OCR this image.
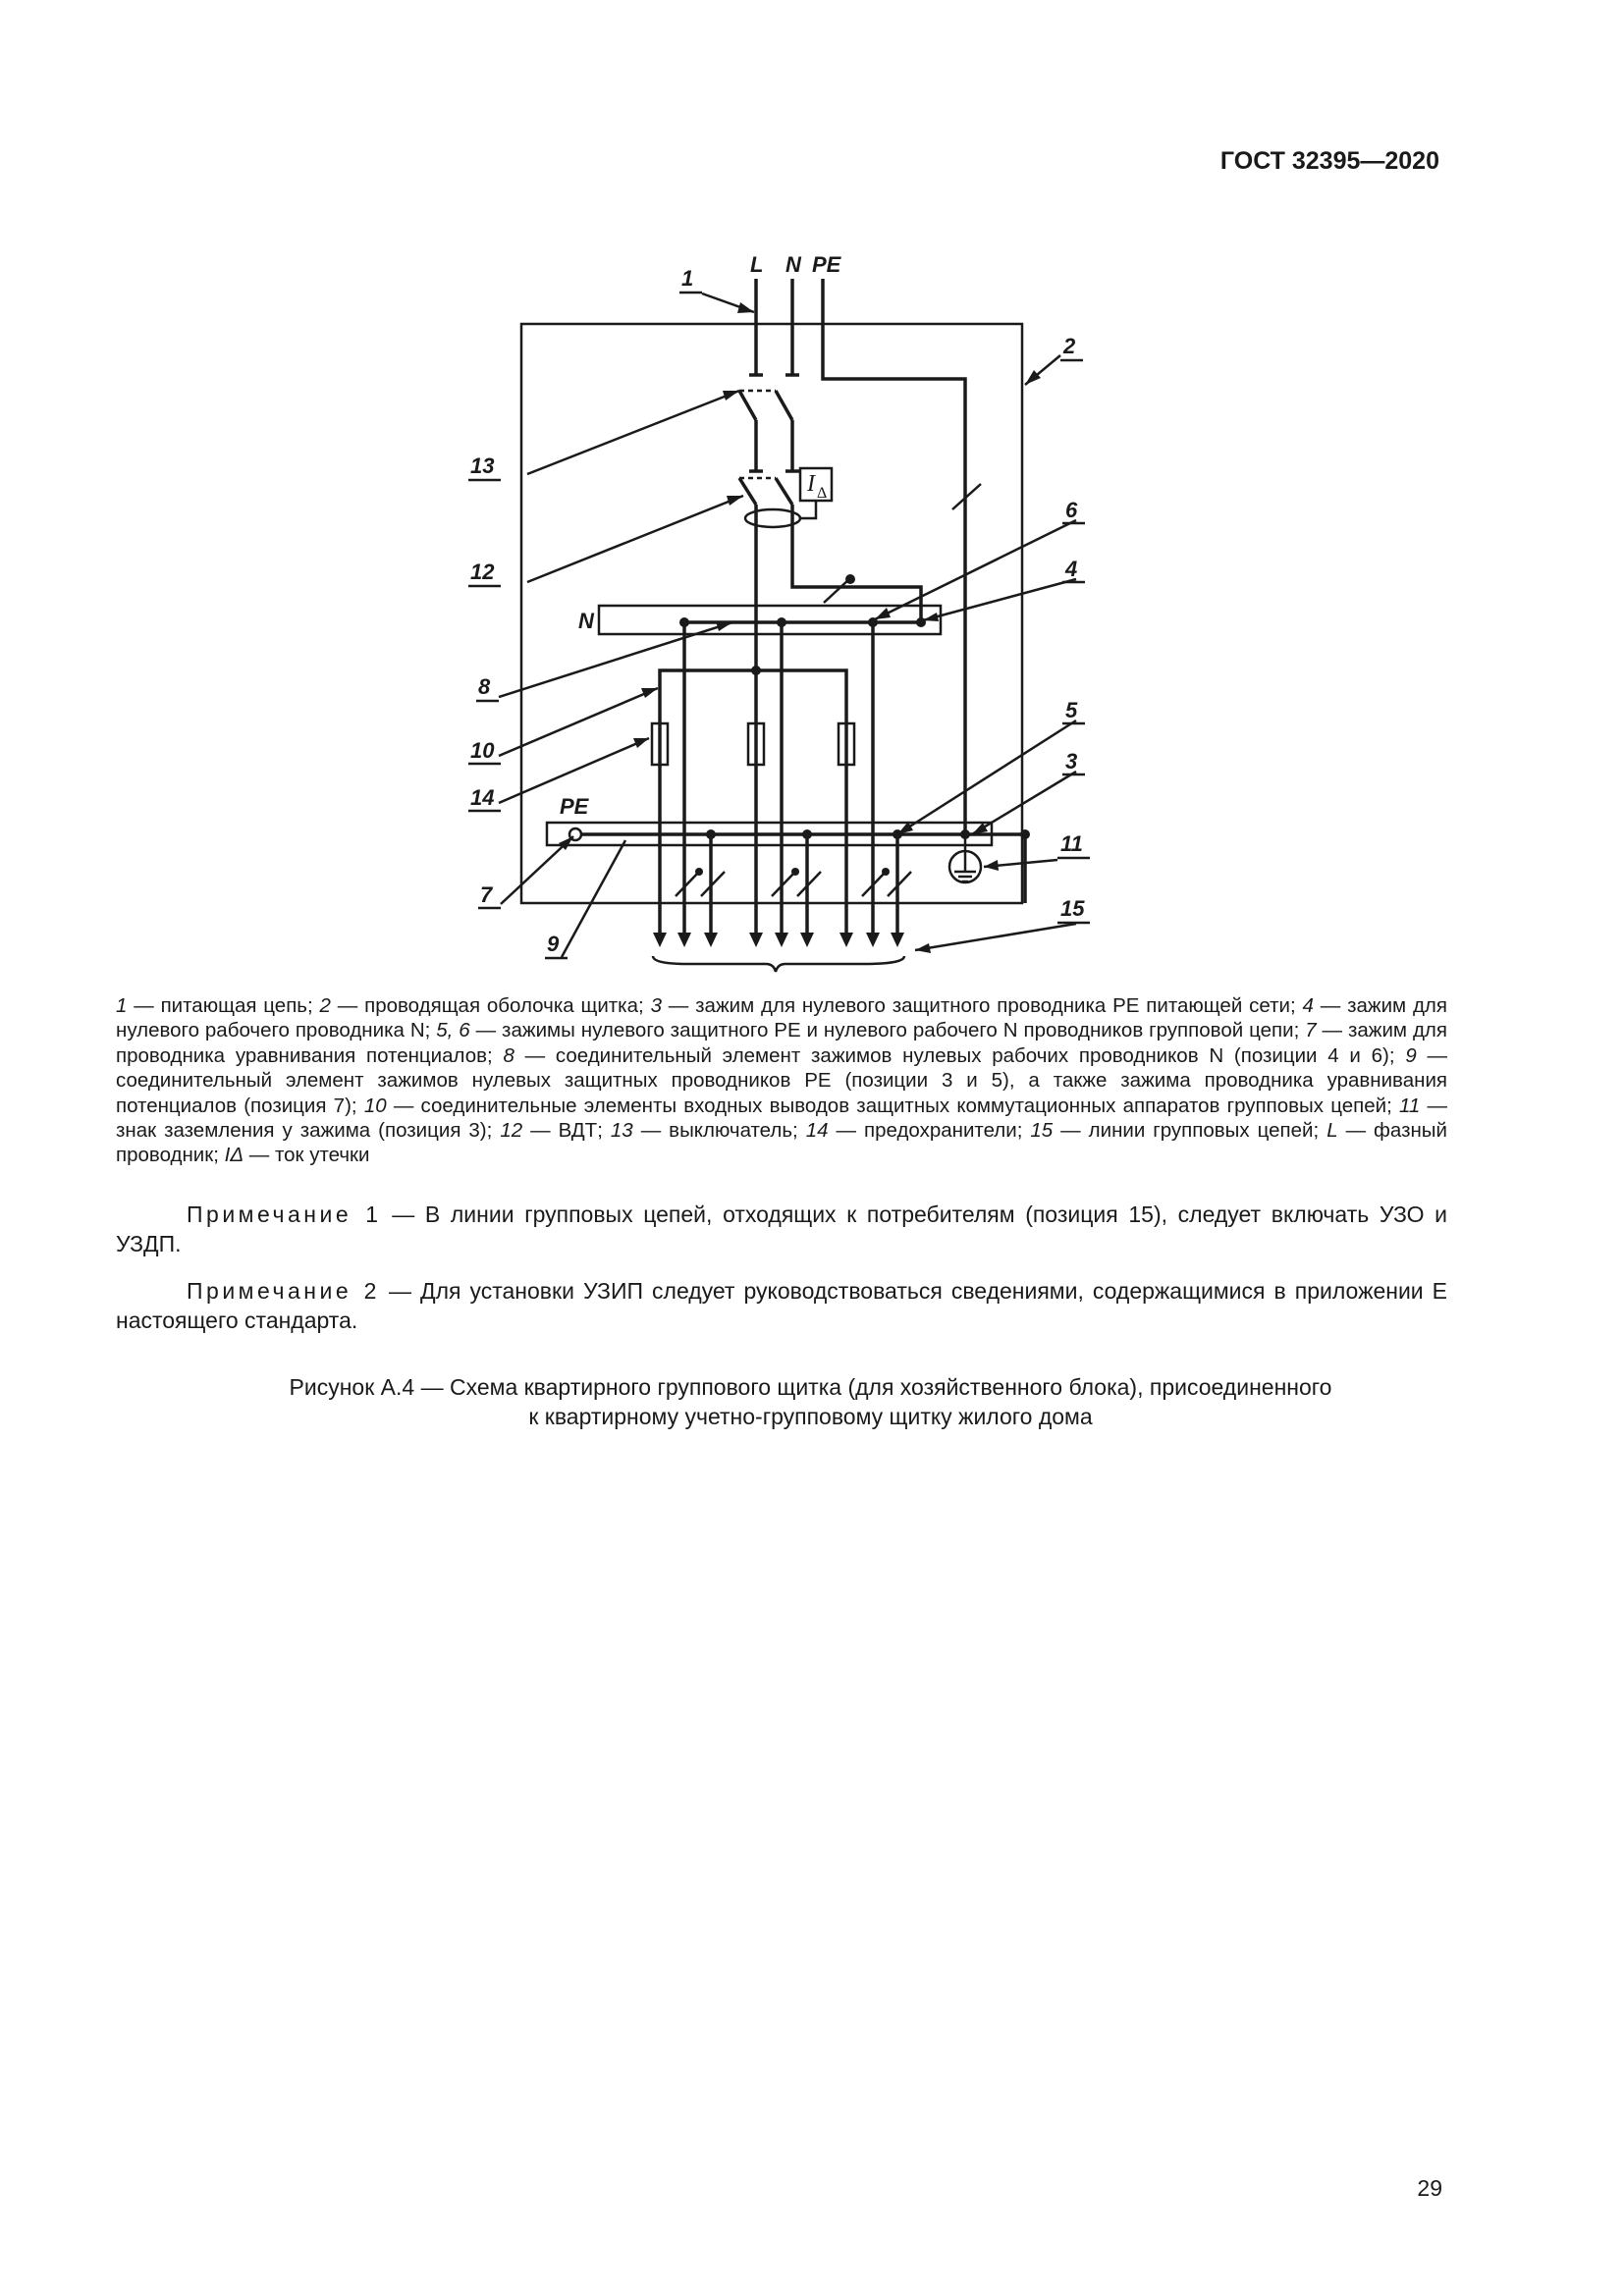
ГОСТ 32395—2020
L N PE
I Δ
N
PE
1
2
13
12
6
4
8
10
14
5
3
11
7
9
15
1 — питающая цепь; 2 — проводящая оболочка щитка; 3 — зажим для нулевого защитного проводника PE питающей сети; 4 — зажим для нулевого рабочего проводника N; 5, 6 — зажимы нулевого защитного PE и нулевого рабочего N проводников групповой цепи; 7 — зажим для проводника уравнивания потенциалов; 8 — соединительный элемент зажимов нулевых рабочих проводников N (позиции 4 и 6); 9 — соединительный элемент зажимов нулевых защитных проводников PE (позиции 3 и 5), а также зажима проводника уравнивания потенциалов (позиция 7); 10 — соединительные элементы входных выводов защитных коммутационных аппаратов групповых цепей; 11 — знак заземления у зажима (позиция 3); 12 — ВДТ; 13 — выключатель; 14 — предохранители; 15 — линии групповых цепей; L — фазный проводник; IΔ — ток утечки
Примечание 1 — В линии групповых цепей, отходящих к потребителям (позиция 15), следует включать УЗО и УЗДП.
Примечание 2 — Для установки УЗИП следует руководствоваться сведениями, содержащимися в приложении Е настоящего стандарта.
Рисунок А.4 — Схема квартирного группового щитка (для хозяйственного блока), присоединенного
к квартирному учетно-групповому щитку жилого дома
29
